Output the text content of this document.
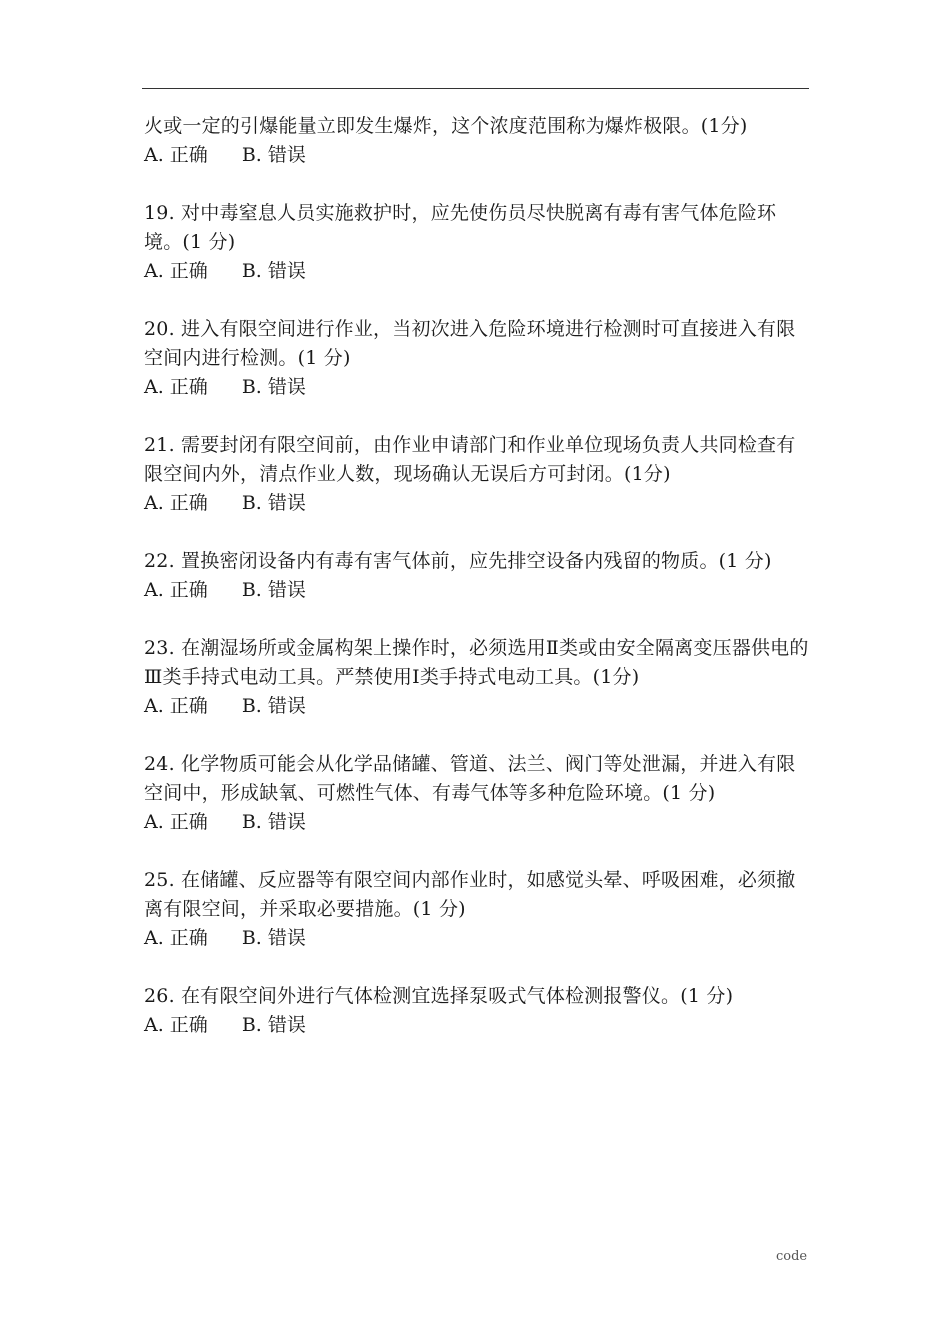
火或一定的引爆能量立即发生爆炸，这个浓度范围称为爆炸极限。(1分)
A. 正确 B. 错误
19. 对中毒窒息人员实施救护时，应先使伤员尽快脱离有毒有害气体危险环境。(1 分)
A. 正确 B. 错误
20. 进入有限空间进行作业，当初次进入危险环境进行检测时可直接进入有限空间内进行检测。(1 分)
A. 正确 B. 错误
21. 需要封闭有限空间前，由作业申请部门和作业单位现场负责人共同检查有限空间内外，清点作业人数，现场确认无误后方可封闭。(1分)
A. 正确 B. 错误
22. 置换密闭设备内有毒有害气体前，应先排空设备内残留的物质。(1 分)
A. 正确 B. 错误
23. 在潮湿场所或金属构架上操作时，必须选用Ⅱ类或由安全隔离变压器供电的Ⅲ类手持式电动工具。严禁使用Ⅰ类手持式电动工具。(1分)
A. 正确 B. 错误
24. 化学物质可能会从化学品储罐、管道、法兰、阀门等处泄漏，并进入有限空间中，形成缺氧、可燃性气体、有毒气体等多种危险环境。(1 分)
A. 正确 B. 错误
25. 在储罐、反应器等有限空间内部作业时，如感觉头晕、呼吸困难，必须撤离有限空间，并采取必要措施。(1 分)
A. 正确 B. 错误
26. 在有限空间外进行气体检测宜选择泵吸式气体检测报警仪。(1 分)
A. 正确 B. 错误
code
